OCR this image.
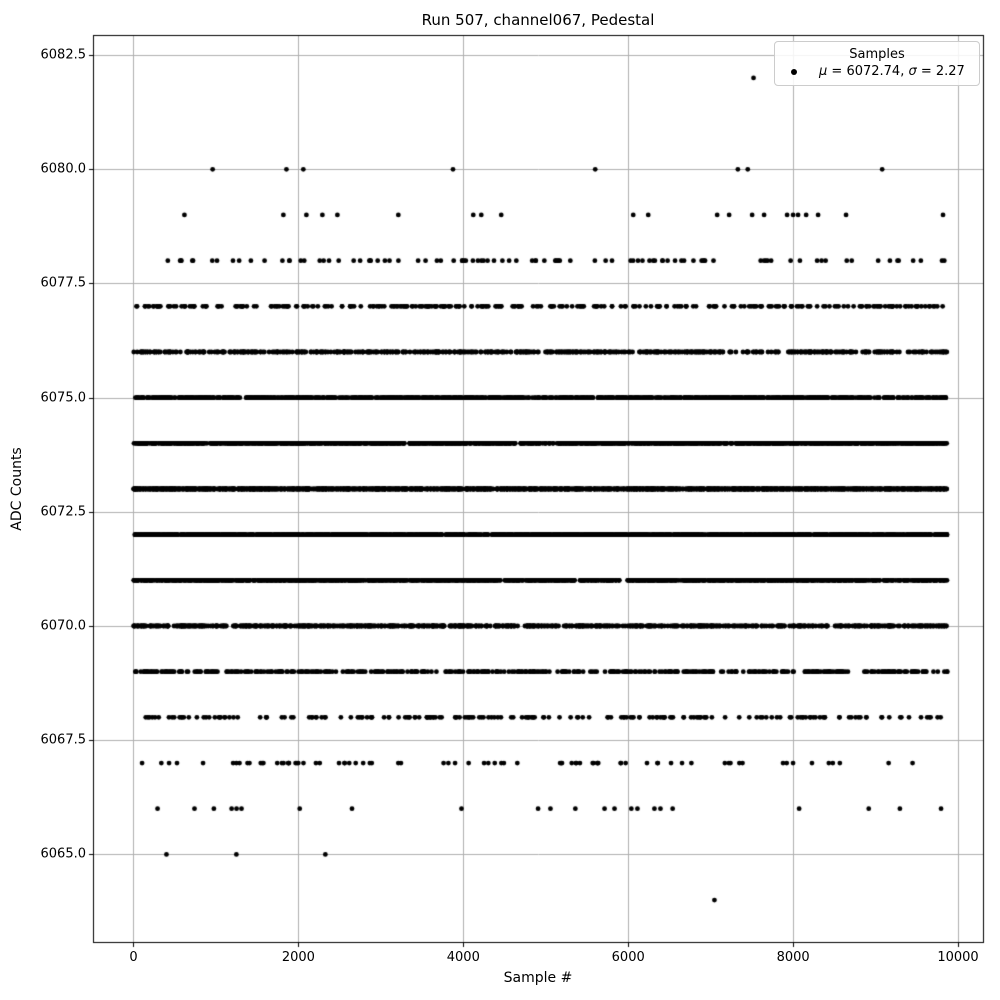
Run 507, channel067, Pedestal
Sample #
ADC Counts
0	2000	4000	6000	8000	10000
6065.0
6067.5
6070.0
6072.5
6075.0
6077.5
6080.0
6082.5	Samples
μ = 6072.74, σ = 2.27
